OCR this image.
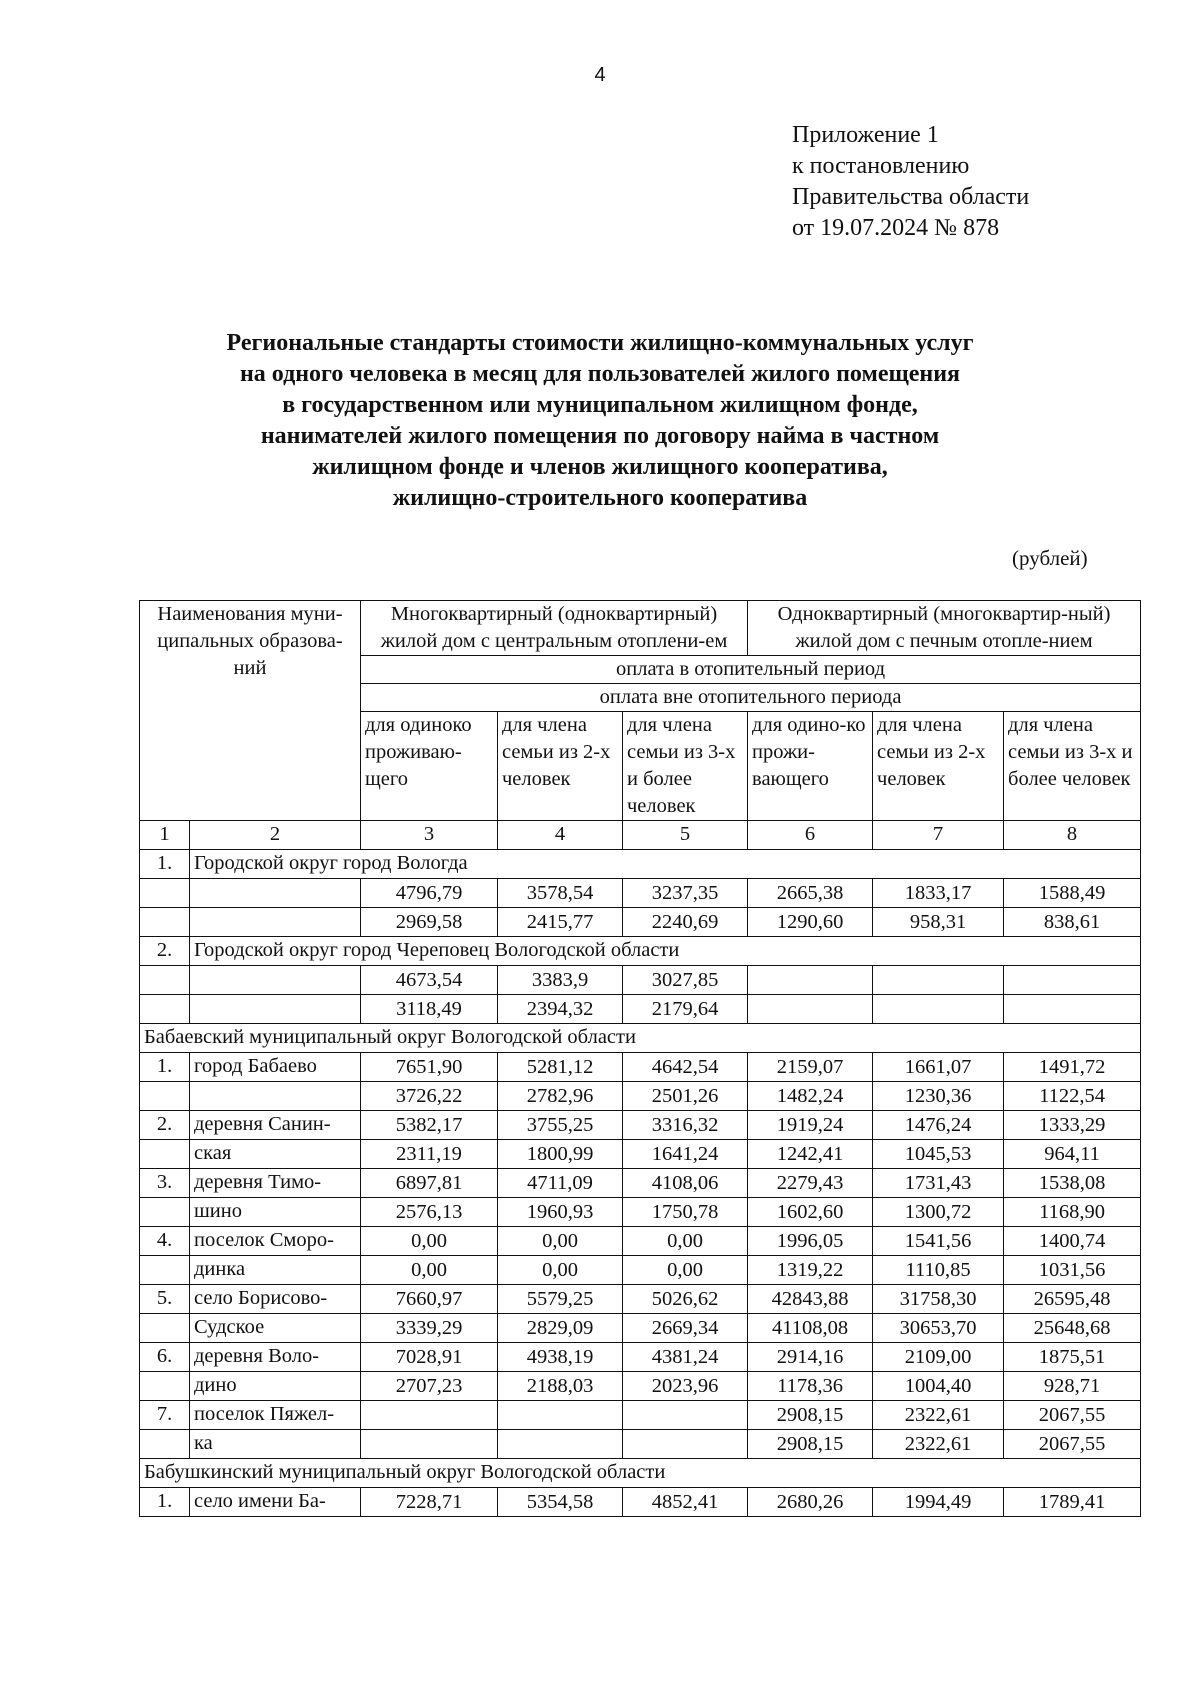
4
Приложение 1
к постановлению
Правительства области
от 19.07.2024 № 878
Региональные стандарты стоимости жилищно-коммунальных услуг
на одного человека в месяц для пользователей жилого помещения
в государственном или муниципальном жилищном фонде,
нанимателей жилого помещения по договору найма в частном
жилищном фонде и членов жилищного кооператива,
жилищно-строительного кооператива
(рублей)
Наименования муни-ципальных образова-ний		Многоквартирный (одноквартирный) жилой дом с центральным отоплени-ем			Одноквартирный (многоквартир-ный) жилой дом с печным отопле-нием		
		оплата в отопительный период					
		оплата вне отопительного периода					
		для одиноко проживаю-щего	для члена семьи из 2-х человек	для члена семьи из 3-х и более человек	для одино-ко прожи-вающего	для члена семьи из 2-х человек	для члена семьи из 3-х и более человек
1	2	3	4	5	6	7	8
1.	Городской округ город Вологда						
		4796,79	3578,54	3237,35	2665,38	1833,17	1588,49
		2969,58	2415,77	2240,69	1290,60	958,31	838,61
2.	Городской округ город Череповец Вологодской области						
		4673,54	3383,9	3027,85			
		3118,49	2394,32	2179,64			
Бабаевский муниципальный округ Вологодской области							
1.	город Бабаево	7651,90	5281,12	4642,54	2159,07	1661,07	1491,72
		3726,22	2782,96	2501,26	1482,24	1230,36	1122,54
2.	деревня Санин-	5382,17	3755,25	3316,32	1919,24	1476,24	1333,29
	ская	2311,19	1800,99	1641,24	1242,41	1045,53	964,11
3.	деревня Тимо-	6897,81	4711,09	4108,06	2279,43	1731,43	1538,08
	шино	2576,13	1960,93	1750,78	1602,60	1300,72	1168,90
4.	поселок Сморо-	0,00	0,00	0,00	1996,05	1541,56	1400,74
	динка	0,00	0,00	0,00	1319,22	1110,85	1031,56
5.	село Борисово-	7660,97	5579,25	5026,62	42843,88	31758,30	26595,48
	Судское	3339,29	2829,09	2669,34	41108,08	30653,70	25648,68
6.	деревня Воло-	7028,91	4938,19	4381,24	2914,16	2109,00	1875,51
	дино	2707,23	2188,03	2023,96	1178,36	1004,40	928,71
7.	поселок Пяжел-				2908,15	2322,61	2067,55
	ка				2908,15	2322,61	2067,55
Бабушкинский муниципальный округ Вологодской области							
1.	село имени Ба-	7228,71	5354,58	4852,41	2680,26	1994,49	1789,41
